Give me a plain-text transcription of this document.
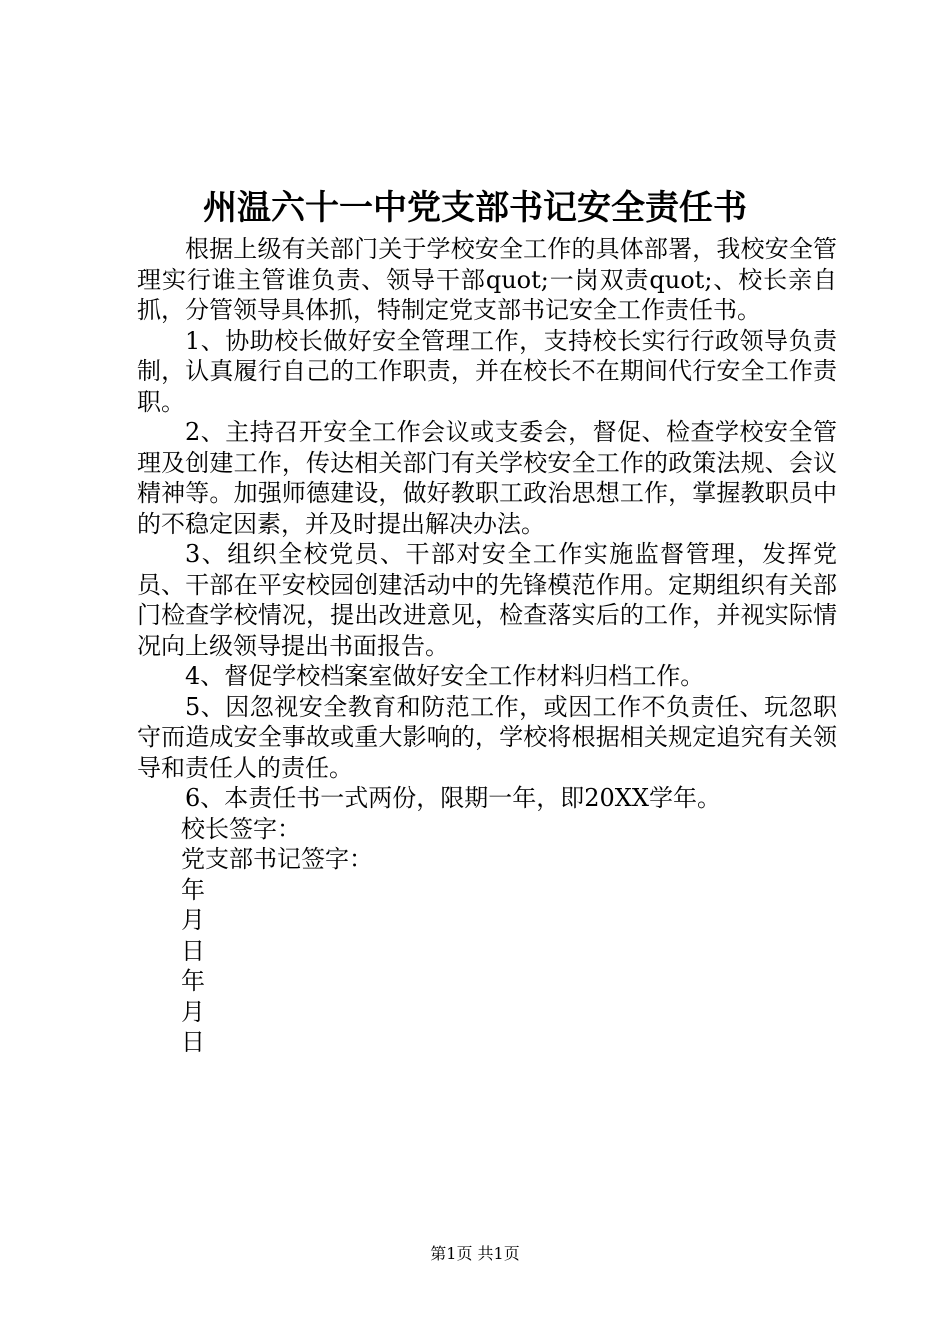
州温六十一中党支部书记安全责任书

根据上级有关部门关于学校安全工作的具体部署，我校安全管理实行谁主管谁负责、领导干部quot;一岗双责quot;、校长亲自抓，分管领导具体抓，特制定党支部书记安全工作责任书。

1、协助校长做好安全管理工作，支持校长实行行政领导负责制，认真履行自己的工作职责，并在校长不在期间代行安全工作责职。

2、主持召开安全工作会议或支委会，督促、检查学校安全管理及创建工作，传达相关部门有关学校安全工作的政策法规、会议精神等。加强师德建设，做好教职工政治思想工作，掌握教职员中的不稳定因素，并及时提出解决办法。

3、组织全校党员、干部对安全工作实施监督管理，发挥党员、干部在平安校园创建活动中的先锋模范作用。定期组织有关部门检查学校情况，提出改进意见，检查落实后的工作，并视实际情况向上级领导提出书面报告。

4、督促学校档案室做好安全工作材料归档工作。

5、因忽视安全教育和防范工作，或因工作不负责任、玩忽职守而造成安全事故或重大影响的，学校将根据相关规定追究有关领导和责任人的责任。

6、本责任书一式两份，限期一年，即20XX学年。

校长签字：

党支部书记签字：

年

月

日

年

月

日

第1页 共1页
